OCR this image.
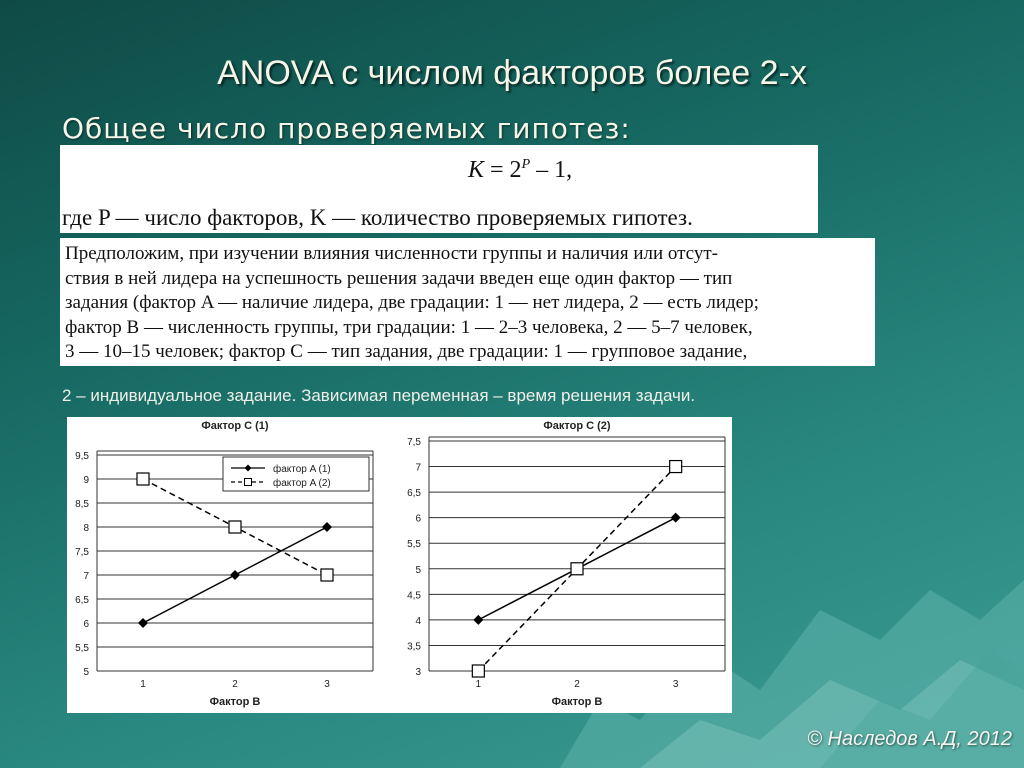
ANOVA с числом факторов более 2-х
Общее число проверяемых гипотез:
$K = 2^P - 1$,
где P — число факторов, K — количество проверяемых гипотез.
Предположим, при изучении влияния численности группы и наличия или отсут-
ствия в ней лидера на успешность решения задачи введен еще один фактор — тип
задания (фактор A — наличие лидера, две градации: 1 — нет лидера, 2 — есть лидер;
фактор B — численность группы, три градации: 1 — 2–3 человека, 2 — 5–7 человек,
3 — 10–15 человек; фактор C — тип задания, две градации: 1 — групповое задание,
2 – индивидуальное задание. Зависимая переменная – время решения задачи.
Фактор C (1)
5
5,5
6
6,5
7
7,5
8
8,5
9
9,5
1	2	3
Фактор B
фактор A (1)
фактор A (2)
Фактор C (2)
3
3,5
4
4,5
5
5,5
6
6,5
7
7,5
1	2	3
Фактор B
© Наследов А.Д, 2012
